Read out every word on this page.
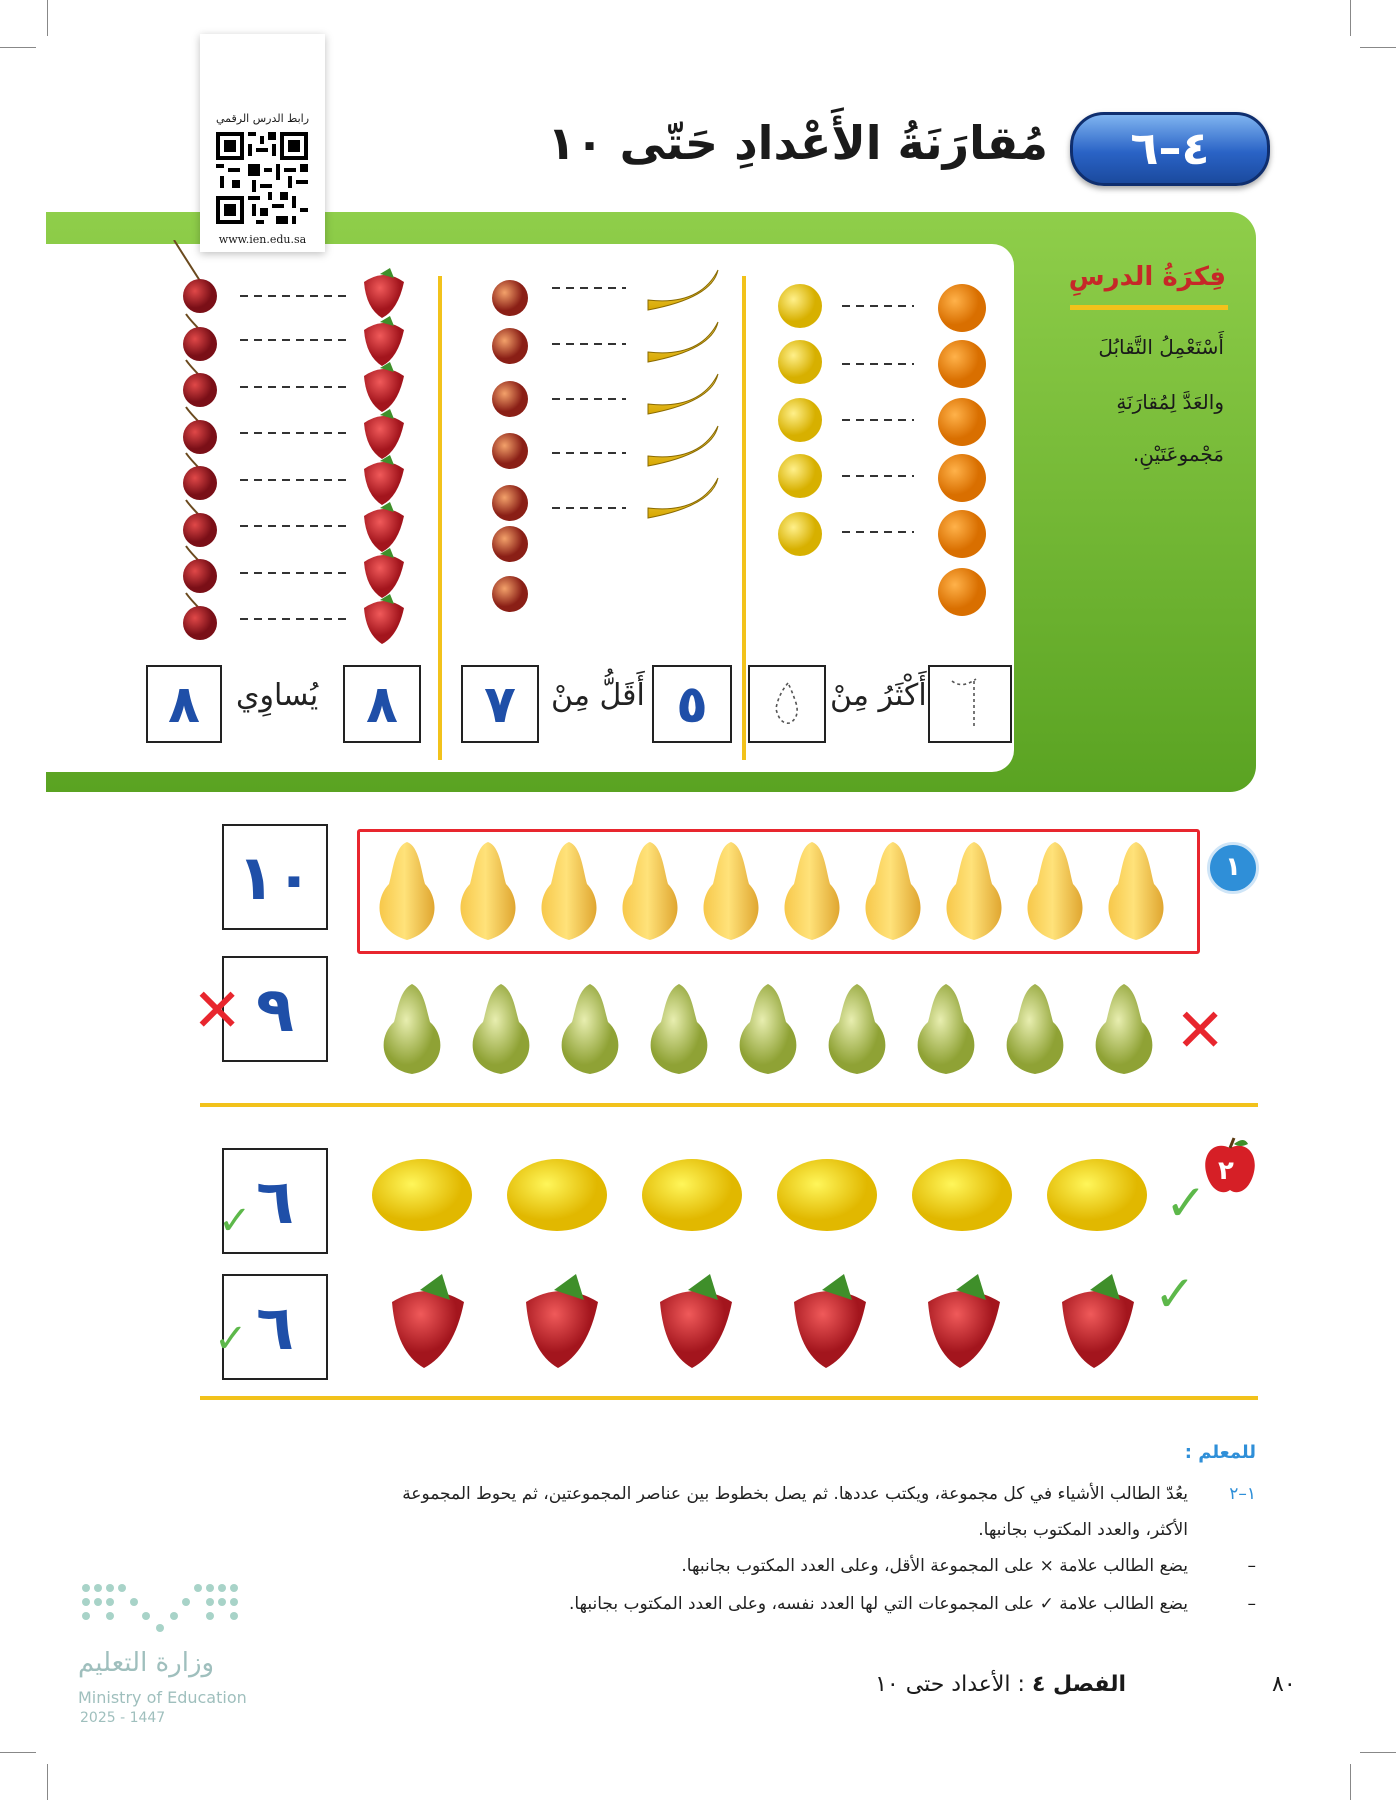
٤–٦
مُقارَنَةُ الأَعْدادِ حَتّى ١٠
رابط الدرس الرقمي
www.ien.edu.sa
فِكرَةُ الدرسِ
أَسْتَعْمِلُ التَّقابُلَ
والعَدَّ لِمُقارَنَةِ
مَجْموعَتَيْنِ.
٨	يُساوِي ٨	٧	أَقَلُّ مِنْ ٥	أَكْثَرُ مِنْ
١
١٠
٩
✕	✕
٢
✓
٦
✓
✓
٦
✓
للمعلم :
١–٢
يعُدّ الطالب الأشياء في كل مجموعة، ويكتب عددها. ثم يصل بخطوط بين عناصر المجموعتين، ثم يحوط المجموعة
الأكثر، والعدد المكتوب بجانبها.
–
يضع الطالب علامة × على المجموعة الأقل، وعلى العدد المكتوب بجانبها.
–
يضع الطالب علامة ✓ على المجموعات التي لها العدد نفسه، وعلى العدد المكتوب بجانبها.
الفصل ٤ : الأعداد حتى ١٠	٨٠
وزارة التعليم
Ministry of Education
2025 - 1447
